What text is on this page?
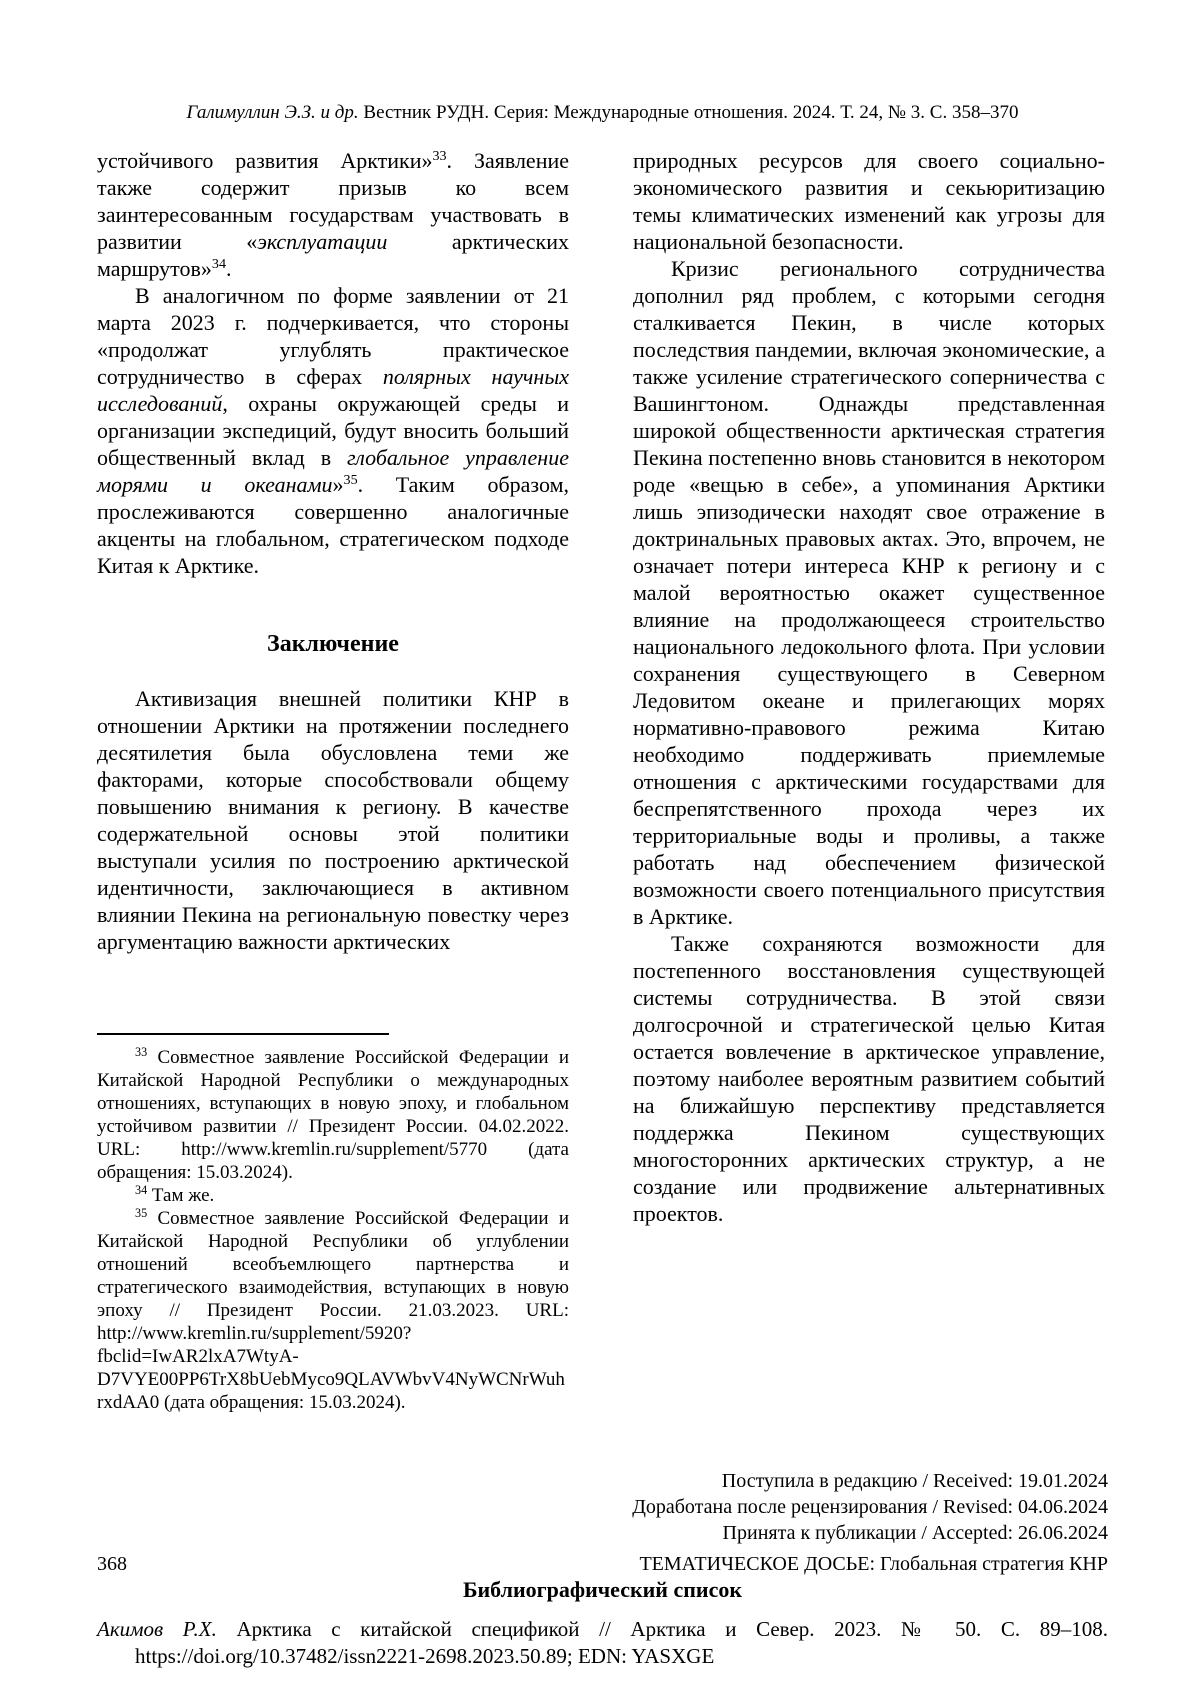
Галимуллин Э.З. и др. Вестник РУДН. Серия: Международные отношения. 2024. Т. 24, № 3. С. 358–370

устойчивого развития Арктики»$^{33}$. Заявление также содержит призыв ко всем заинтересованным государствам участвовать в развитии «эксплуатации арктических маршрутов»$^{34}$.

В аналогичном по форме заявлении от 21 марта 2023 г. подчеркивается, что стороны «продолжат углублять практическое сотрудничество в сферах полярных научных исследований, охраны окружающей среды и организации экспедиций, будут вносить больший общественный вклад в глобальное управление морями и океанами»$^{35}$. Таким образом, прослеживаются совершенно аналогичные акценты на глобальном, стратегическом подходе Китая к Арктике.

Заключение

Активизация внешней политики КНР в отношении Арктики на протяжении последнего десятилетия была обусловлена теми же факторами, которые способствовали общему повышению внимания к региону. В качестве содержательной основы этой политики выступали усилия по построению арктической идентичности, заключающиеся в активном влиянии Пекина на региональную повестку через аргументацию важности арктических

$^{33}$ Совместное заявление Российской Федерации и Китайской Народной Республики о международных отношениях, вступающих в новую эпоху, и глобальном устойчивом развитии // Президент России. 04.02.2022. URL: http://www.kremlin.ru/supplement/5770 (дата обращения: 15.03.2024).

$^{34}$ Там же.

$^{35}$ Совместное заявление Российской Федерации и Китайской Народной Республики об углублении отношений всеобъемлющего партнерства и стратегического взаимодействия, вступающих в новую эпоху // Президент России. 21.03.2023. URL: http://www.kremlin.ru/supplement/5920?fbclid=IwAR2lxA7WtyA-D7VYE00PP6TrX8bUebMyco9QLAVWbvV4NyWCNrWuhrxdAA0 (дата обращения: 15.03.2024).

природных ресурсов для своего социально-экономического развития и секьюритизацию темы климатических изменений как угрозы для национальной безопасности.

Кризис регионального сотрудничества дополнил ряд проблем, с которыми сегодня сталкивается Пекин, в числе которых последствия пандемии, включая экономические, а также усиление стратегического соперничества с Вашингтоном. Однажды представленная широкой общественности арктическая стратегия Пекина постепенно вновь становится в некотором роде «вещью в себе», а упоминания Арктики лишь эпизодически находят свое отражение в доктринальных правовых актах. Это, впрочем, не означает потери интереса КНР к региону и с малой вероятностью окажет существенное влияние на продолжающееся строительство национального ледокольного флота. При условии сохранения существующего в Северном Ледовитом океане и прилегающих морях нормативно-правового режима Китаю необходимо поддерживать приемлемые отношения с арктическими государствами для беспрепятственного прохода через их территориальные воды и проливы, а также работать над обеспечением физической возможности своего потенциального присутствия в Арктике.

Также сохраняются возможности для постепенного восстановления существующей системы сотрудничества. В этой связи долгосрочной и стратегической целью Китая остается вовлечение в арктическое управление, поэтому наиболее вероятным развитием событий на ближайшую перспективу представляется поддержка Пекином существующих многосторонних арктических структур, а не создание или продвижение альтернативных проектов.

Поступила в редакцию / Received: 19.01.2024
Доработана после рецензирования / Revised: 04.06.2024
Принята к публикации / Accepted: 26.06.2024
Библиографический список

Акимов Р.Х. Арктика с китайской спецификой // Арктика и Север. 2023. № 50. С. 89–108. https://doi.org/10.37482/issn2221-2698.2023.50.89; EDN: YASXGE

368	ТЕМАТИЧЕСКОЕ ДОСЬЕ: Глобальная стратегия КНР
